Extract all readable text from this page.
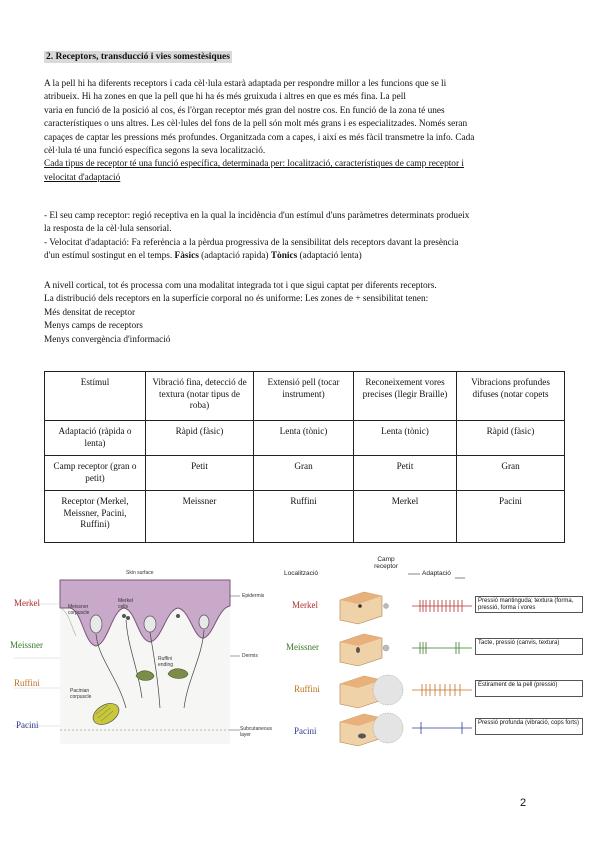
2. Receptors, transducció i vies somestèsiques

A la pell hi ha diferents receptors i cada cèl·lula estarà adaptada per respondre millor a les funcions que se li

atribueix. Hi ha zones en que la pell que hi ha és més gruixuda i altres en que es més fina. La pell

varia en funció de la posició al cos, és l'òrgan receptor més gran del nostre cos. En funció de la zona té unes

característiques o uns altres. Les cèl·lules del fons de la pell són molt més grans i es especialitzades. Només seran

capaçes de captar les pressions més profundes. Organitzada com a capes, i així es més fàcil transmetre la info. Cada

cèl·lula té una funció específica segons la seva localització.

Cada tipus de receptor té una funció específica, determinada per: localització, característiques de camp receptor i

velocitat d'adaptació

- El seu camp receptor: regió receptiva en la qual la incidència d'un estímul d'uns paràmetres determinats produeix

la resposta de la cèl·lula sensorial.

- Velocitat d'adaptació: Fa referència a la pèrdua progressiva de la sensibilitat dels receptors davant la presència

d'un estímul sostingut en el temps. Fàsics (adaptació rapida) Tònics (adaptació lenta)

A nivell cortical, tot és processa com una modalitat integrada tot i que sigui captat per diferents receptors.

La distribució dels receptors en la superfície corporal no és uniforme: Les zones de + sensibilitat tenen:

Més densitat de receptor

Menys camps de receptors

Menys convergència d'informació

Estímul	Vibració fina, detecció de textura (notar tipus de roba)	Extensió pell (tocar instrument)	Reconeixement vores precises (llegir Braille)	Vibracions profundes difuses (notar copets
Adaptació (ràpida o lenta)	Ràpid (fàsic)	Lenta (tònic)	Lenta (tònic)	Ràpid (fàsic)
Camp receptor (gran o petit)	Petit	Gran	Petit	Gran
Receptor (Merkel, Meissner, Pacini, Ruffini)	Meissner	Ruffini	Merkel	Pacini
Merkel
Meissner
Ruffini
Pacini
Skin surface
Epidermis
Dermis
Meissner corpuscle
Merkel cells
Ruffini ending
Pacinian corpuscle
Subcutaneous layer
Localització
Camp receptor
Adaptació
Merkel
Meissner
Ruffini
Pacini
Pressió mantinguda; textura (forma, pressió, forma i vores
Tacte, pressió (canvis, textura)
Estirament de la pell (pressió)
Pressió profunda (vibració, cops forts)
2
